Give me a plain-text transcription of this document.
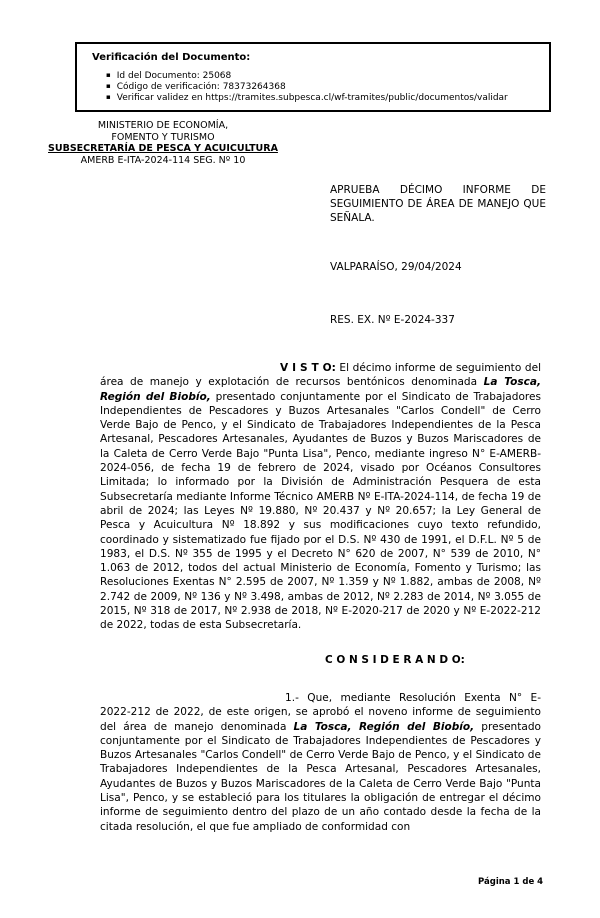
Verificación del Documento:
▪ Id del Documento: 25068
▪ Código de verificación: 78373264368
▪ Verificar validez en https://tramites.subpesca.cl/wf-tramites/public/documentos/validar
MINISTERIO DE ECONOMÍA,
FOMENTO Y TURISMO
SUBSECRETARÍA DE PESCA Y ACUICULTURA
AMERB E-ITA-2024-114 SEG. Nº 10
APRUEBA DÉCIMO INFORME DE SEGUIMIENTO DE ÁREA DE MANEJO QUE SEÑALA.
VALPARAÍSO, 29/04/2024
RES. EX. Nº E-2024-337

V I S T O: El décimo informe de seguimiento del área de manejo y explotación de recursos bentónicos denominada La Tosca, Región del Biobío, presentado conjuntamente por el Sindicato de Trabajadores Independientes de Pescadores y Buzos Artesanales "Carlos Condell" de Cerro Verde Bajo de Penco, y el Sindicato de Trabajadores Independientes de la Pesca Artesanal, Pescadores Artesanales, Ayudantes de Buzos y Buzos Mariscadores de la Caleta de Cerro Verde Bajo "Punta Lisa", Penco, mediante ingreso N° E-AMERB-2024-056, de fecha 19 de febrero de 2024, visado por Océanos Consultores Limitada; lo informado por la División de Administración Pesquera de esta Subsecretaría mediante Informe Técnico AMERB Nº E-ITA-2024-114, de fecha 19 de abril de 2024; las Leyes Nº 19.880, Nº 20.437 y Nº 20.657; la Ley General de Pesca y Acuicultura Nº 18.892 y sus modificaciones cuyo texto refundido, coordinado y sistematizado fue fijado por el D.S. Nº 430 de 1991, el D.F.L. Nº 5 de 1983, el D.S. Nº 355 de 1995 y el Decreto N° 620 de 2007, N° 539 de 2010, N° 1.063 de 2012, todos del actual Ministerio de Economía, Fomento y Turismo; las Resoluciones Exentas N° 2.595 de 2007, Nº 1.359 y Nº 1.882, ambas de 2008, Nº 2.742 de 2009, Nº 136 y Nº 3.498, ambas de 2012, Nº 2.283 de 2014, Nº 3.055 de 2015, Nº 318 de 2017, Nº 2.938 de 2018, Nº E-2020-217 de 2020 y Nº E-2022-212 de 2022, todas de esta Subsecretaría.

C O N S I D E R A N D O:

1.- Que, mediante Resolución Exenta N° E-2022-212 de 2022, de este origen, se aprobó el noveno informe de seguimiento del área de manejo denominada La Tosca, Región del Biobío, presentado conjuntamente por el Sindicato de Trabajadores Independientes de Pescadores y Buzos Artesanales "Carlos Condell" de Cerro Verde Bajo de Penco, y el Sindicato de Trabajadores Independientes de la Pesca Artesanal, Pescadores Artesanales, Ayudantes de Buzos y Buzos Mariscadores de la Caleta de Cerro Verde Bajo "Punta Lisa", Penco, y se estableció para los titulares la obligación de entregar el décimo informe de seguimiento dentro del plazo de un año contado desde la fecha de la citada resolución, el que fue ampliado de conformidad con

Página 1 de 4
